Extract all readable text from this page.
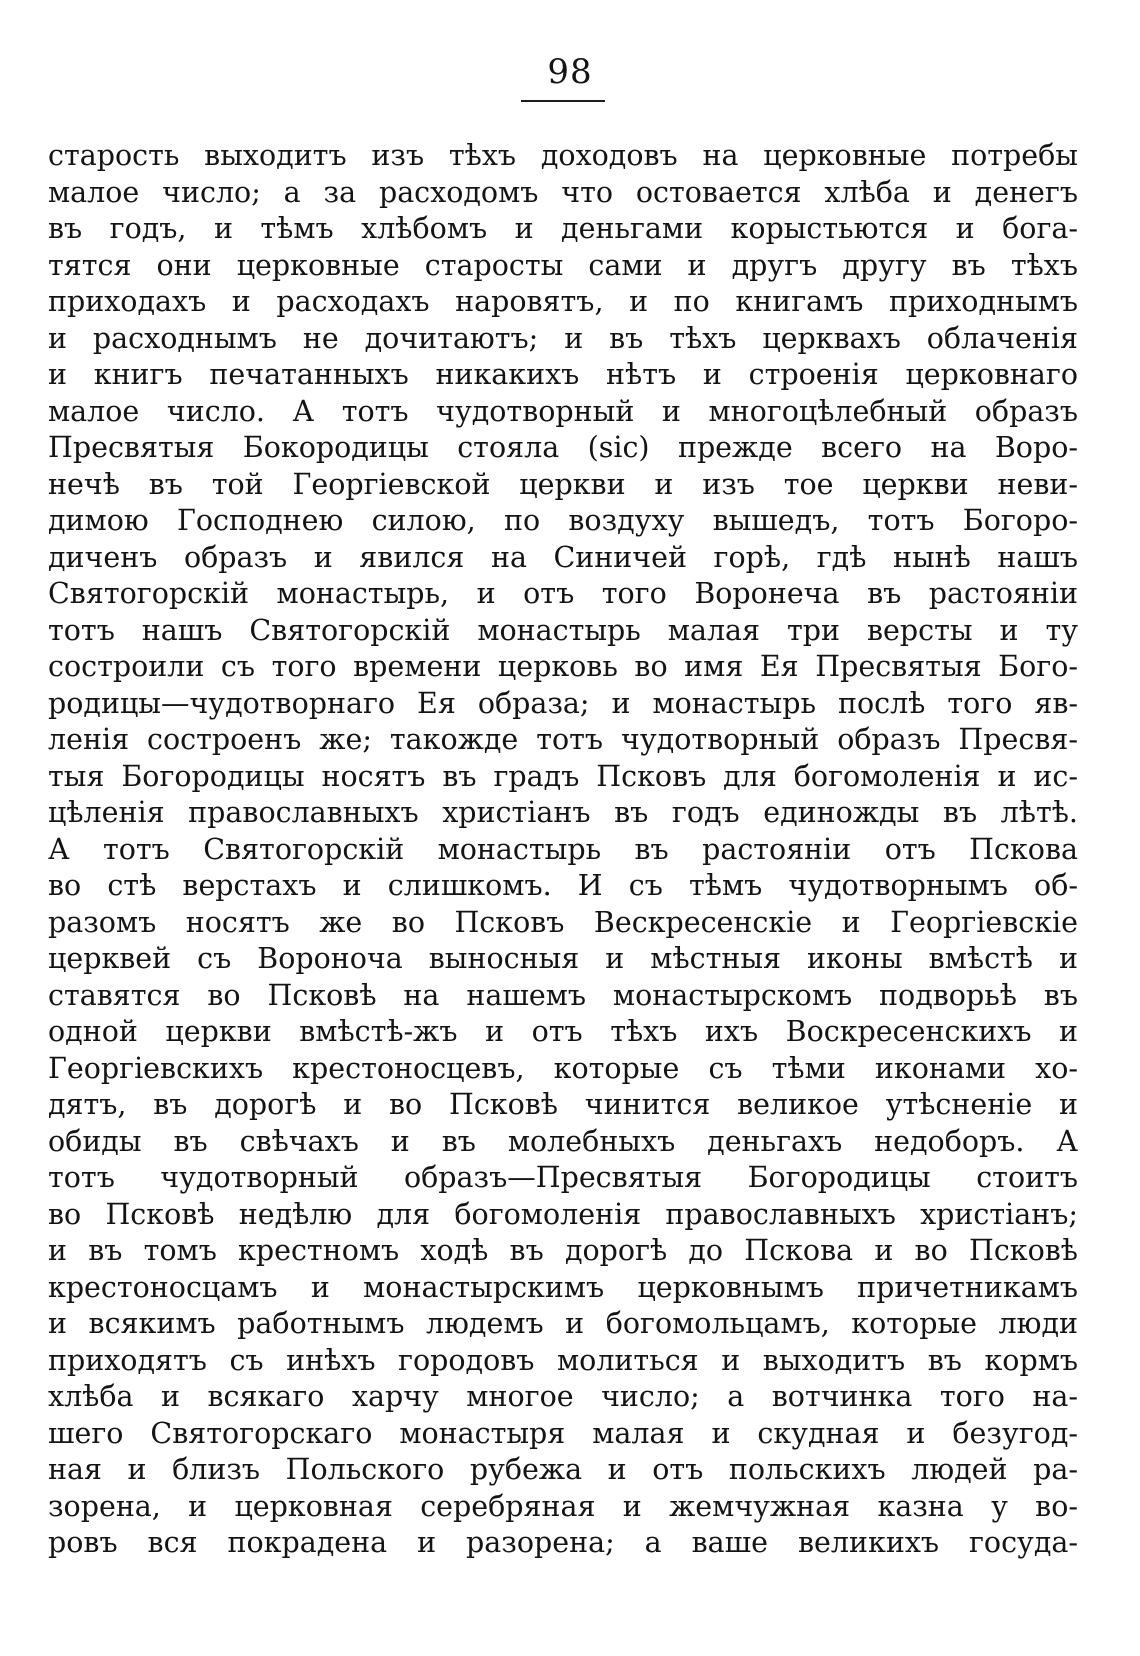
98
старость выходитъ изъ тѣхъ доходовъ на церковные потребы
малое число; а за расходомъ что остовается хлѣба и денегъ
въ годъ, и тѣмъ хлѣбомъ и деньгами корыстьются и бога-
тятся они церковные старосты сами и другъ другу въ тѣхъ
приходахъ и расходахъ наровятъ, и по книгамъ приходнымъ
и расходнымъ не дочитаютъ; и въ тѣхъ церквахъ облаченія
и книгъ печатанныхъ никакихъ нѣтъ и строенія церковнаго
малое число. А тотъ чудотворный и многоцѣлебный образъ
Пресвятыя Бокородицы стояла (sic) прежде всего на Воро-
нечѣ въ той Георгіевской церкви и изъ тое церкви неви-
димою Господнею силою, по воздуху вышедъ, тотъ Богоро-
диченъ образъ и явился на Синичей горѣ, гдѣ нынѣ нашъ
Святогорскій монастырь, и отъ того Воронеча въ растояніи
тотъ нашъ Святогорскій монастырь малая три версты и ту
состроили съ того времени церковь во имя Ея Пресвятыя Бого-
родицы—чудотворнаго Ея образа; и монастырь послѣ того яв-
ленія состроенъ же; такожде тотъ чудотворный образъ Пресвя-
тыя Богородицы носятъ въ градъ Псковъ для богомоленія и ис-
цѣленія православныхъ христіанъ въ годъ единожды въ лѣтѣ.
А тотъ Святогорскій монастырь въ растояніи отъ Пскова
во стѣ верстахъ и слишкомъ. И съ тѣмъ чудотворнымъ об-
разомъ носятъ же во Псковъ Вескресенскіе и Георгіевскіе
церквей съ Вороноча выносныя и мѣстныя иконы вмѣстѣ и
ставятся во Псковѣ на нашемъ монастырскомъ подворьѣ въ
одной церкви вмѣстѣ-жъ и отъ тѣхъ ихъ Воскресенскихъ и
Георгіевскихъ крестоносцевъ, которые съ тѣми иконами хо-
дятъ, въ дорогѣ и во Псковѣ чинится великое утѣсненіе и
обиды въ свѣчахъ и въ молебныхъ деньгахъ недоборъ. А
тотъ чудотворный образъ—Пресвятыя Богородицы стоитъ
во Псковѣ недѣлю для богомоленія православныхъ христіанъ;
и въ томъ крестномъ ходѣ въ дорогѣ до Пскова и во Псковѣ
крестоносцамъ и монастырскимъ церковнымъ причетникамъ
и всякимъ работнымъ людемъ и богомольцамъ, которые люди
приходятъ съ инѣхъ городовъ молиться и выходитъ въ кормъ
хлѣба и всякаго харчу многое число; а вотчинка того на-
шего Святогорскаго монастыря малая и скудная и безугод-
ная и близъ Польского рубежа и отъ польскихъ людей ра-
зорена, и церковная серебряная и жемчужная казна у во-
ровъ вся покрадена и разорена; а ваше великихъ госуда-
